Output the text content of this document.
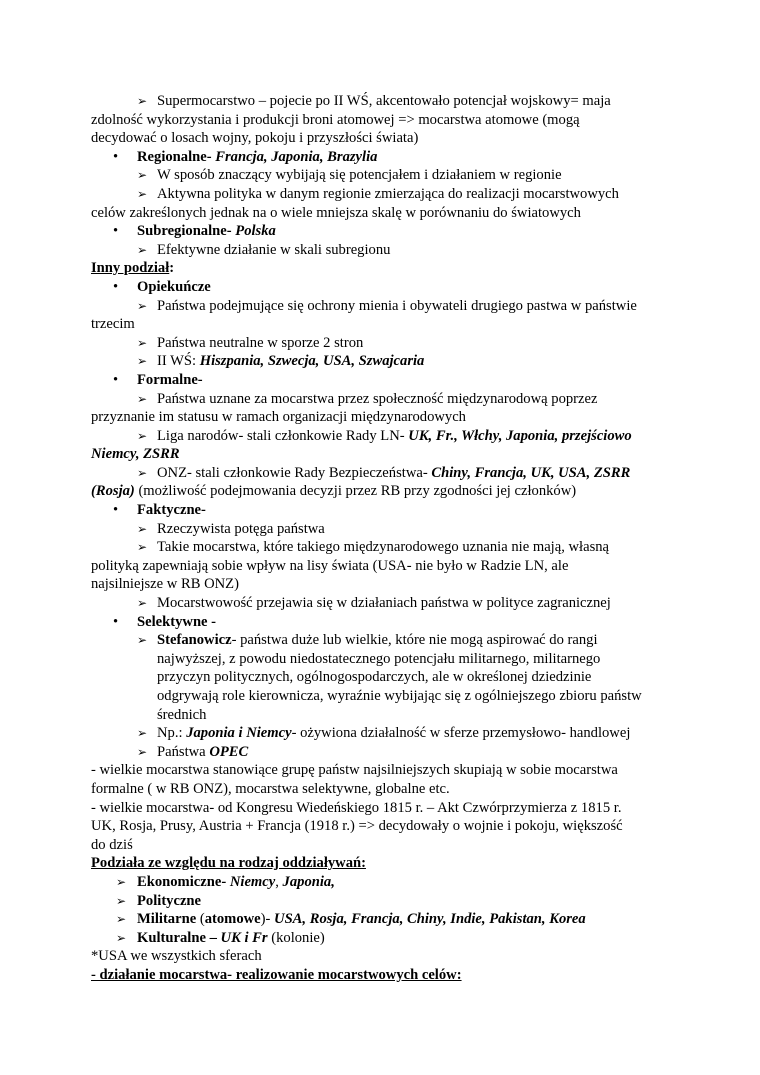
➢ Supermocarstwo – pojecie po II WŚ, akcentowało potencjał wojskowy= maja
zdolność wykorzystania i produkcji broni atomowej => mocarstwa atomowe (mogą
decydować o losach wojny, pokoju i przyszłości świata)
•	Regionalne- Francja, Japonia, Brazylia
➢ W sposób znaczący wybijają się potencjałem i działaniem w regionie
➢ Aktywna polityka w danym regionie zmierzająca do realizacji mocarstwowych
celów zakreślonych jednak na o wiele mniejsza skalę w porównaniu do światowych
•	Subregionalne- Polska
➢ Efektywne działanie w skali subregionu
Inny podział:
•	Opiekuńcze
➢ Państwa podejmujące się ochrony mienia i obywateli drugiego pastwa w państwie
trzecim
➢ Państwa neutralne w sporze 2 stron
➢ II WŚ: Hiszpania, Szwecja, USA, Szwajcaria
•	Formalne-
➢ Państwa uznane za mocarstwa przez społeczność międzynarodową poprzez
przyznanie im statusu w ramach organizacji międzynarodowych
➢ Liga narodów- stali członkowie Rady LN- UK, Fr., Włchy, Japonia, przejściowo
Niemcy, ZSRR
➢ ONZ- stali członkowie Rady Bezpieczeństwa- Chiny, Francja, UK, USA, ZSRR
(Rosja) (możliwość podejmowania decyzji przez RB przy zgodności jej członków)
•	Faktyczne-
➢ Rzeczywista potęga państwa
➢ Takie mocarstwa, które takiego międzynarodowego uznania nie mają, własną
polityką zapewniają sobie wpływ na lisy świata (USA- nie było w Radzie LN, ale
najsilniejsze w RB ONZ)
➢ Mocarstwowość przejawia się w działaniach państwa w polityce zagranicznej
•	Selektywne -
➢ Stefanowicz- państwa duże lub wielkie, które nie mogą aspirować do rangi
najwyższej, z powodu niedostatecznego potencjału militarnego, militarnego
przyczyn politycznych, ogólnogospodarczych, ale w określonej dziedzinie
odgrywają role kierownicza, wyraźnie wybijając się z ogólniejszego zbioru państw
średnich
➢ Np.: Japonia i Niemcy- ożywiona działalność w sferze przemysłowo- handlowej
➢ Państwa OPEC
- wielkie mocarstwa stanowiące grupę państw najsilniejszych skupiają w sobie mocarstwa
formalne ( w RB ONZ), mocarstwa selektywne, globalne etc.
- wielkie mocarstwa- od Kongresu Wiedeńskiego 1815 r. – Akt Czwórprzymierza z 1815 r.
UK, Rosja, Prusy, Austria + Francja (1918 r.) => decydowały o wojnie i pokoju, większość
do dziś
Podziała ze względu na rodzaj oddziaływań:
➢ Ekonomiczne- Niemcy, Japonia,
➢ Polityczne
➢ Militarne (atomowe)- USA, Rosja, Francja, Chiny, Indie, Pakistan, Korea
➢ Kulturalne – UK i Fr (kolonie)
*USA we wszystkich sferach
- działanie mocarstwa- realizowanie mocarstwowych celów:
